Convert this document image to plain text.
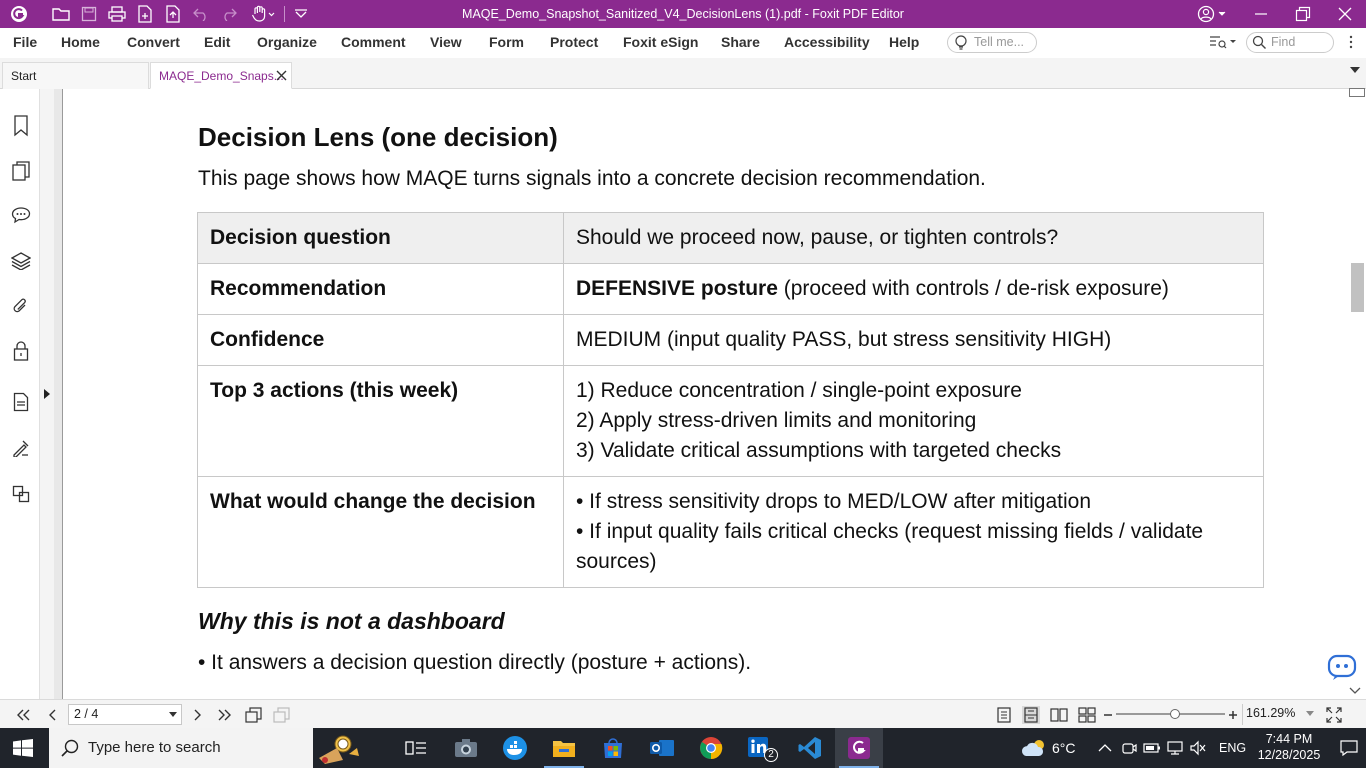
MAQE_Demo_Snapshot_Sanitized_V4_DecisionLens (1).pdf - Foxit PDF Editor
File Home Convert Edit Organize Comment View Form Protect Foxit eSign Share Accessibility Help	Tell me...	Find
Start	MAQE_Demo_Snaps...
Decision Lens (one decision)
This page shows how MAQE turns signals into a concrete decision recommendation.
Decision question	Should we proceed now, pause, or tighten controls?
Recommendation	DEFENSIVE posture (proceed with controls / de-risk exposure)
Confidence	MEDIUM (input quality PASS, but stress sensitivity HIGH)
Top 3 actions (this week)	1) Reduce concentration / single-point exposure
2) Apply stress-driven limits and monitoring
3) Validate critical assumptions with targeted checks

What would change the decision	• If stress sensitivity drops to MED/LOW after mitigation
• If input quality fails critical checks (request missing fields / validate sources)
Why this is not a dashboard
• It answers a decision question directly (posture + actions).
2 / 4	161.29%
Type here to search	2	6°C	ENG
7:44 PM
12/28/2025
